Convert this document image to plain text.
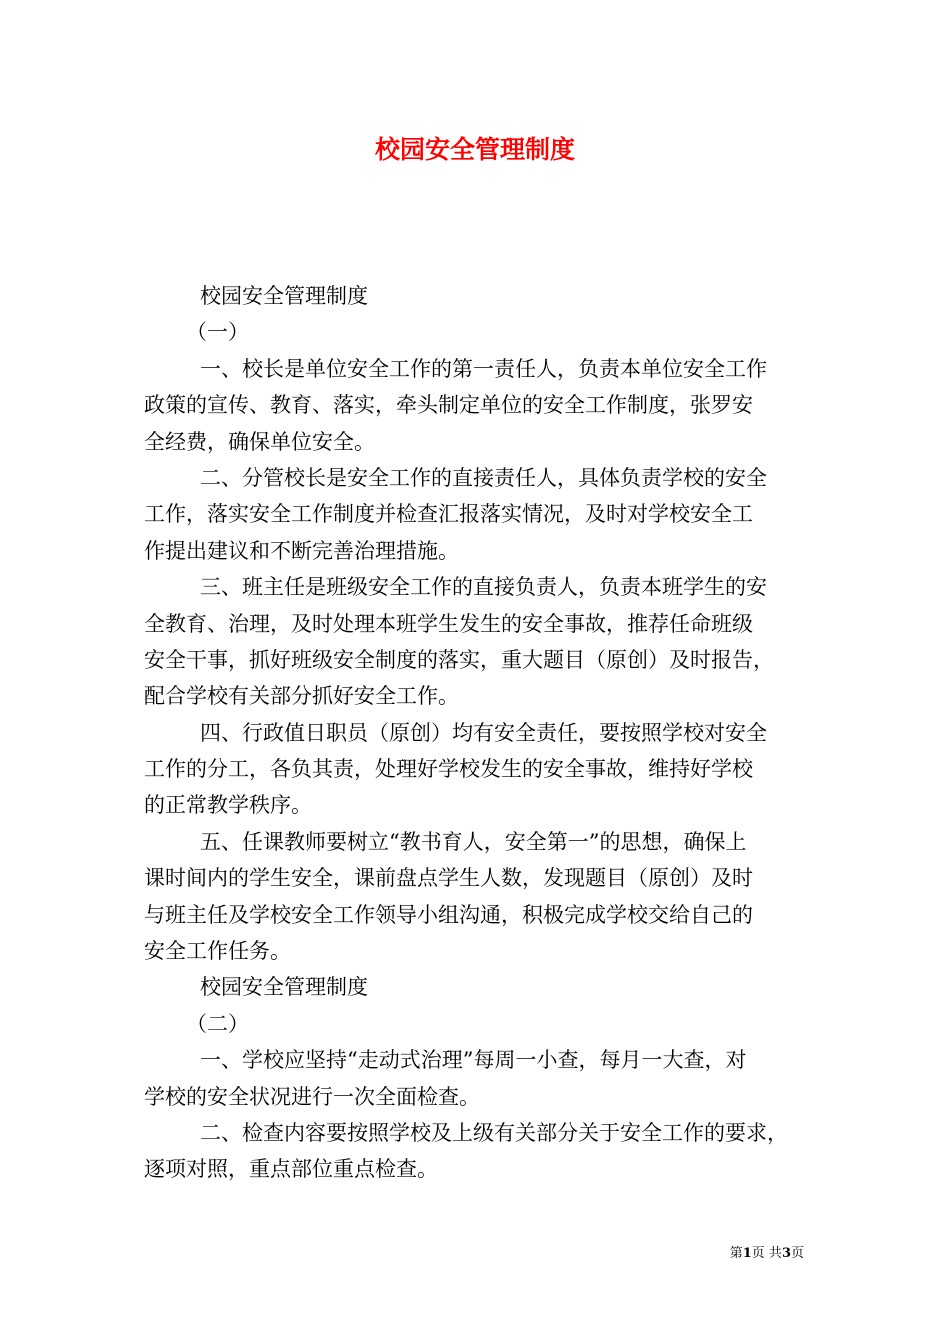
校园安全管理制度

校园安全管理制度

（一）

一、校长是单位安全工作的第一责任人，负责本单位安全工作

政策的宣传、教育、落实，牵头制定单位的安全工作制度，张罗安

全经费，确保单位安全。

二、分管校长是安全工作的直接责任人，具体负责学校的安全

工作，落实安全工作制度并检查汇报落实情况，及时对学校安全工

作提出建议和不断完善治理措施。

三、班主任是班级安全工作的直接负责人，负责本班学生的安

全教育、治理，及时处理本班学生发生的安全事故，推荐任命班级

安全干事，抓好班级安全制度的落实，重大题目（原创）及时报告，

配合学校有关部分抓好安全工作。

四、行政值日职员（原创）均有安全责任，要按照学校对安全

工作的分工，各负其责，处理好学校发生的安全事故，维持好学校

的正常教学秩序。

五、任课教师要树立“教书育人，安全第一”的思想，确保上

课时间内的学生安全，课前盘点学生人数，发现题目（原创）及时

与班主任及学校安全工作领导小组沟通，积极完成学校交给自己的

安全工作任务。

校园安全管理制度

（二）

一、学校应坚持“走动式治理”每周一小查，每月一大查，对

学校的安全状况进行一次全面检查。

二、检查内容要按照学校及上级有关部分关于安全工作的要求，

逐项对照，重点部位重点检查。

第1页 共3页
